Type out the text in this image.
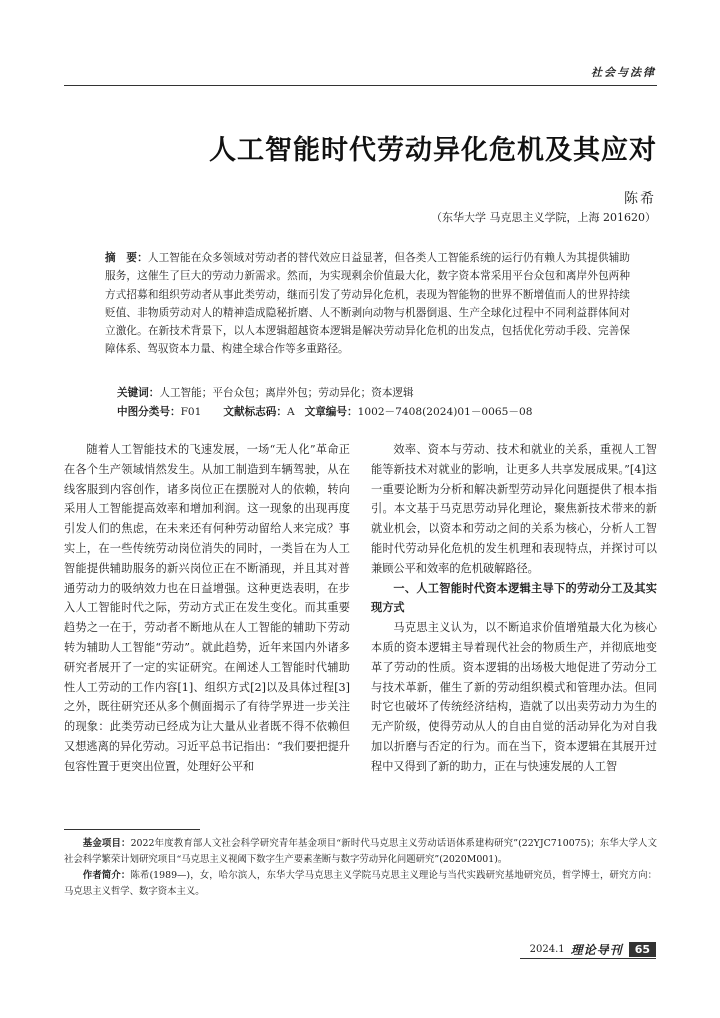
社会与法律
人工智能时代劳动异化危机及其应对
陈希
（东华大学 马克思主义学院，上海 201620）
摘　要：人工智能在众多领域对劳动者的替代效应日益显著，但各类人工智能系统的运行仍有赖人为其提供辅助服务，这催生了巨大的劳动力新需求。然而，为实现剩余价值最大化，数字资本常采用平台众包和离岸外包两种方式招募和组织劳动者从事此类劳动，继而引发了劳动异化危机，表现为智能物的世界不断增值而人的世界持续贬值、非物质劳动对人的精神造成隐秘折磨、人不断剥向动物与机器倒退、生产全球化过程中不同利益群体间对立激化。在新技术背景下，以人本逻辑超越资本逻辑是解决劳动异化危机的出发点，包括优化劳动手段、完善保障体系、驾驭资本力量、构建全球合作等多重路径。
关键词：人工智能；平台众包；离岸外包；劳动异化；资本逻辑
中图分类号：F01 文献标志码：A 文章编号：1002－7408(2024)01－0065－08

随着人工智能技术的飞速发展，一场“无人化”革命正在各个生产领域悄然发生。从加工制造到车辆驾驶，从在线客服到内容创作，诸多岗位正在摆脱对人的依赖，转向采用人工智能提高效率和增加利润。这一现象的出现再度引发人们的焦虑，在未来还有何种劳动留给人来完成？事实上，在一些传统劳动岗位消失的同时，一类旨在为人工智能提供辅助服务的新兴岗位正在不断涌现，并且其对普通劳动力的吸纳效力也在日益增强。这种更迭表明，在步入人工智能时代之际，劳动方式正在发生变化。而其重要趋势之一在于，劳动者不断地从在人工智能的辅助下劳动转为辅助人工智能“劳动”。就此趋势，近年来国内外诸多研究者展开了一定的实证研究。在阐述人工智能时代辅助性人工劳动的工作内容[1]、组织方式[2]以及具体过程[3]之外，既往研究还从多个侧面揭示了有待学界进一步关注的现象：此类劳动已经成为让大量从业者既不得不依赖但又想逃离的异化劳动。习近平总书记指出：“我们要把提升包容性置于更突出位置，处理好公平和

效率、资本与劳动、技术和就业的关系，重视人工智能等新技术对就业的影响，让更多人共享发展成果。”[4]这一重要论断为分析和解决新型劳动异化问题提供了根本指引。本文基于马克思劳动异化理论，聚焦新技术带来的新就业机会，以资本和劳动之间的关系为核心，分析人工智能时代劳动异化危机的发生机理和表现特点，并探讨可以兼顾公平和效率的危机破解路径。

一、人工智能时代资本逻辑主导下的劳动分工及其实现方式

马克思主义认为，以不断追求价值增殖最大化为核心本质的资本逻辑主导着现代社会的物质生产，并彻底地变革了劳动的性质。资本逻辑的出场极大地促进了劳动分工与技术革新，催生了新的劳动组织模式和管理办法。但同时它也破坏了传统经济结构，造就了以出卖劳动力为生的无产阶级，使得劳动从人的自由自觉的活动异化为对自我加以折磨与否定的行为。而在当下，资本逻辑在其展开过程中又得到了新的助力，正在与快速发展的人工智

基金项目：2022年度教育部人文社会科学研究青年基金项目“新时代马克思主义劳动话语体系建构研究”(22YJC710075)；东华大学人文社会科学繁荣计划研究项目“马克思主义视阈下数字生产要素垄断与数字劳动异化问题研究”(2020M001)。

作者简介：陈希(1989—)，女，哈尔滨人，东华大学马克思主义学院马克思主义理论与当代实践研究基地研究员，哲学博士，研究方向：马克思主义哲学、数字资本主义。

2024.1 理论导刊	65
